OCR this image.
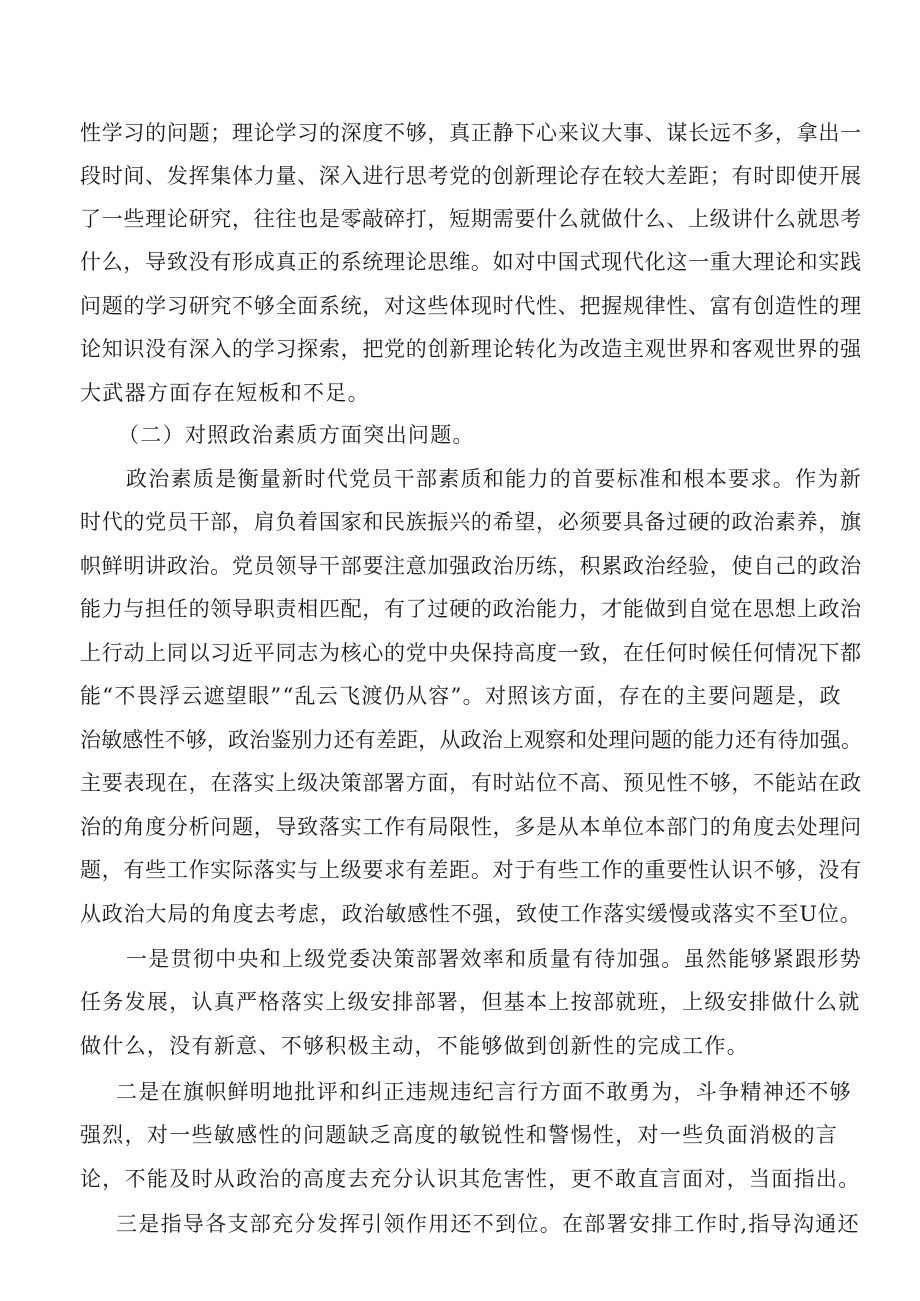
性学习的问题；理论学习的深度不够，真正静下心来议大事、谋长远不多，拿出一
段时间、发挥集体力量、深入进行思考党的创新理论存在较大差距；有时即使开展
了一些理论研究，往往也是零敲碎打，短期需要什么就做什么、上级讲什么就思考
什么，导致没有形成真正的系统理论思维。如对中国式现代化这一重大理论和实践
问题的学习研究不够全面系统，对这些体现时代性、把握规律性、富有创造性的理
论知识没有深入的学习探索，把党的创新理论转化为改造主观世界和客观世界的强
大武器方面存在短板和不足。
（二）对照政治素质方面突出问题。
政治素质是衡量新时代党员干部素质和能力的首要标准和根本要求。作为新
时代的党员干部，肩负着国家和民族振兴的希望，必须要具备过硬的政治素养，旗
帜鲜明讲政治。党员领导干部要注意加强政治历练，积累政治经验，使自己的政治
能力与担任的领导职责相匹配，有了过硬的政治能力，才能做到自觉在思想上政治
上行动上同以习近平同志为核心的党中央保持高度一致，在任何时候任何情况下都
能“不畏浮云遮望眼”“乱云飞渡仍从容”。对照该方面，存在的主要问题是，政
治敏感性不够，政治鉴别力还有差距，从政治上观察和处理问题的能力还有待加强。
主要表现在，在落实上级决策部署方面，有时站位不高、预见性不够，不能站在政
治的角度分析问题，导致落实工作有局限性，多是从本单位本部门的角度去处理问
题，有些工作实际落实与上级要求有差距。对于有些工作的重要性认识不够，没有
从政治大局的角度去考虑，政治敏感性不强，致使工作落实缓慢或落实不至U位。
一是贯彻中央和上级党委决策部署效率和质量有待加强。虽然能够紧跟形势
任务发展，认真严格落实上级安排部署，但基本上按部就班，上级安排做什么就
做什么，没有新意、不够积极主动，不能够做到创新性的完成工作。
二是在旗帜鲜明地批评和纠正违规违纪言行方面不敢勇为，斗争精神还不够
强烈，对一些敏感性的问题缺乏高度的敏锐性和警惕性，对一些负面消极的言
论，不能及时从政治的高度去充分认识其危害性，更不敢直言面对，当面指出。
三是指导各支部充分发挥引领作用还不到位。在部署安排工作时,指导沟通还
